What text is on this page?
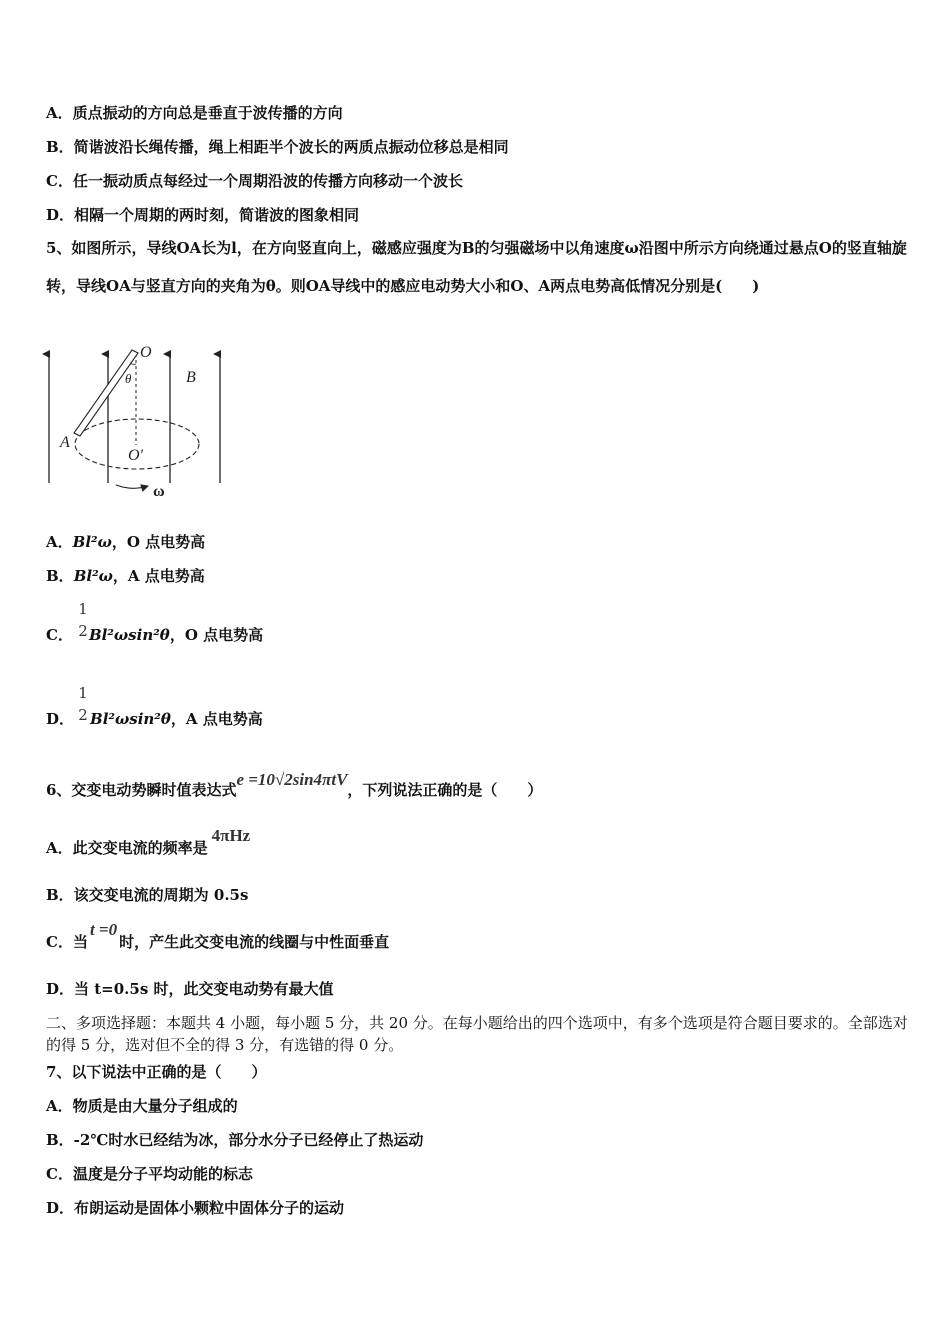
A．质点振动的方向总是垂直于波传播的方向
B．简谐波沿长绳传播，绳上相距半个波长的两质点振动位移总是相同
C．任一振动质点每经过一个周期沿波的传播方向移动一个波长
D．相隔一个周期的两时刻，简谐波的图象相同
5、如图所示，导线OA长为l，在方向竖直向上，磁感应强度为B的匀强磁场中以角速度ω沿图中所示方向绕通过悬点O的竖直轴旋转，导线OA与竖直方向的夹角为θ。则OA导线中的感应电动势大小和O、A两点电势高低情况分别是(　　)
O
θ	B
A
O′
ω
A．Bl²ω，O 点电势高
B．Bl²ω，A 点电势高
1
2
C． Bl²ωsin²θ，O 点电势高
1
2
D． Bl²ωsin²θ，A 点电势高
6、交变电动势瞬时值表达式e =10√2sin4πtV，下列说法正确的是（　　）
A．此交变电流的频率是4πHz
B．该交变电流的周期为 0.5s
C．当t =0时，产生此交变电流的线圈与中性面垂直
D．当 t=0.5s 时，此交变电动势有最大值
二、多项选择题：本题共 4 小题，每小题 5 分，共 20 分。在每小题给出的四个选项中，有多个选项是符合题目要求的。全部选对的得 5 分，选对但不全的得 3 分，有选错的得 0 分。
7、以下说法中正确的是（　　）
A．物质是由大量分子组成的
B．-2℃时水已经结为冰，部分水分子已经停止了热运动
C．温度是分子平均动能的标志
D．布朗运动是固体小颗粒中固体分子的运动
